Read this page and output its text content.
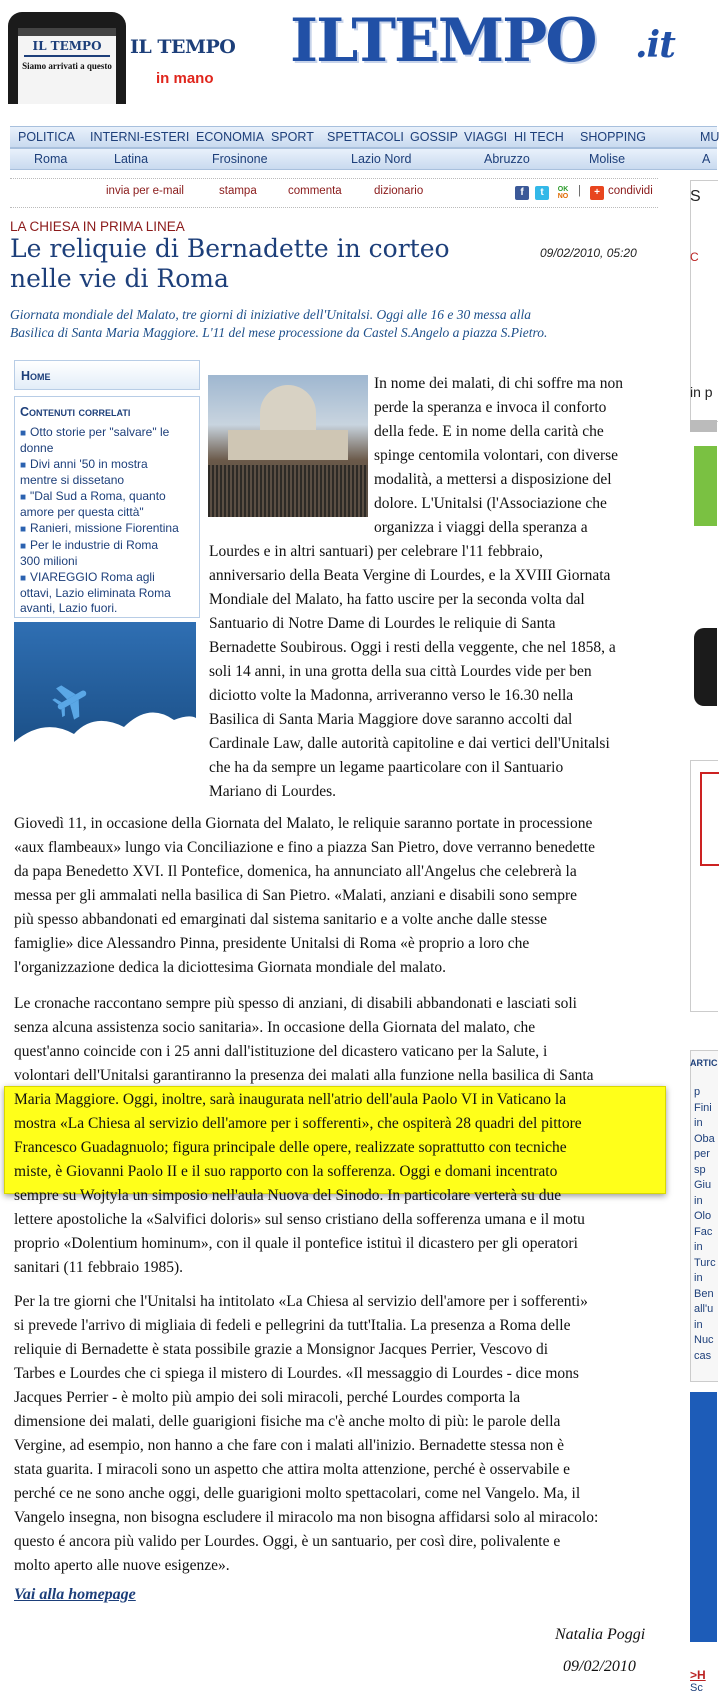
IL TEMPO
Siamo arrivati a questo
IL TEMPO
in mano
ILTEMPO .it
POLITICA INTERNI-ESTERI ECONOMIA SPORT SPETTACOLI GOSSIP VIAGGI HI TECH SHOPPING	MU
Roma	Latina	Frosinone	Lazio Nord	Abruzzo	Molise	A
invia per e-mail	stampa	commenta	dizionario	f	t	OK
NO |	+ condividi
LA CHIESA IN PRIMA LINEA
Le reliquie di Bernadette in corteo
nelle vie di Roma
09/02/2010, 05:20
Giornata mondiale del Malato, tre giorni di iniziative dell'Unitalsi. Oggi alle 16 e 30 messa alla
Basilica di Santa Maria Maggiore. L'11 del mese processione da Castel S.Angelo a piazza S.Pietro.
Home
Contenuti correlati
■ Otto storie per "salvare" le
donne
■ Divi anni '50 in mostra
mentre si dissetano
■ "Dal Sud a Roma, quanto
amore per questa città"
■ Ranieri, missione Fiorentina
■ Per le industrie di Roma
300 milioni
■ VIAREGGIO Roma agli
ottavi, Lazio eliminata Roma
avanti, Lazio fuori.
In nome dei malati, di chi soffre ma non
perde la speranza e invoca il conforto
della fede. E in nome della carità che
spinge centomila volontari, con diverse
modalità, a mettersi a disposizione del
dolore. L'Unitalsi (l'Associazione che
organizza i viaggi della speranza a
Lourdes e in altri santuari) per celebrare l'11 febbraio,
anniversario della Beata Vergine di Lourdes, e la XVIII Giornata
Mondiale del Malato, ha fatto uscire per la seconda volta dal
Santuario di Notre Dame di Lourdes le reliquie di Santa
Bernadette Soubirous. Oggi i resti della veggente, che nel 1858, a
soli 14 anni, in una grotta della sua città Lourdes vide per ben
diciotto volte la Madonna, arriveranno verso le 16.30 nella
Basilica di Santa Maria Maggiore dove saranno accolti dal
Cardinale Law, dalle autorità capitoline e dai vertici dell'Unitalsi
che ha da sempre un legame paarticolare con il Santuario
Mariano di Lourdes.
Giovedì 11, in occasione della Giornata del Malato, le reliquie saranno portate in processione
«aux flambeaux» lungo via Conciliazione e fino a piazza San Pietro, dove verranno benedette
da papa Benedetto XVI. Il Pontefice, domenica, ha annunciato all'Angelus che celebrerà la
messa per gli ammalati nella basilica di San Pietro. «Malati, anziani e disabili sono sempre
più spesso abbandonati ed emarginati dal sistema sanitario e a volte anche dalle stesse
famiglie» dice Alessandro Pinna, presidente Unitalsi di Roma «è proprio a loro che
l'organizzazione dedica la diciottesima Giornata mondiale del malato.
Le cronache raccontano sempre più spesso di anziani, di disabili abbandonati e lasciati soli
senza alcuna assistenza socio sanitaria». In occasione della Giornata del malato, che
quest'anno coincide con i 25 anni dall'istituzione del dicastero vaticano per la Salute, i
volontari dell'Unitalsi garantiranno la presenza dei malati alla funzione nella basilica di Santa
Maria Maggiore. Oggi, inoltre, sarà inaugurata nell'atrio dell'aula Paolo VI in Vaticano la
mostra «La Chiesa al servizio dell'amore per i sofferenti», che ospiterà 28 quadri del pittore
Francesco Guadagnuolo; figura principale delle opere, realizzate soprattutto con tecniche
miste, è Giovanni Paolo II e il suo rapporto con la sofferenza. Oggi e domani incentrato
sempre su Wojtyla un simposio nell'aula Nuova del Sinodo. In particolare verterà su due
lettere apostoliche la «Salvifici doloris» sul senso cristiano della sofferenza umana e il motu
proprio «Dolentium hominum», con il quale il pontefice istituì il dicastero per gli operatori
sanitari (11 febbraio 1985).
Per la tre giorni che l'Unitalsi ha intitolato «La Chiesa al servizio dell'amore per i sofferenti»
si prevede l'arrivo di migliaia di fedeli e pellegrini da tutt'Italia. La presenza a Roma delle
reliquie di Bernadette è stata possibile grazie a Monsignor Jacques Perrier, Vescovo di
Tarbes e Lourdes che ci spiega il mistero di Lourdes. «Il messaggio di Lourdes - dice mons
Jacques Perrier - è molto più ampio dei soli miracoli, perché Lourdes comporta la
dimensione dei malati, delle guarigioni fisiche ma c'è anche molto di più: le parole della
Vergine, ad esempio, non hanno a che fare con i malati all'inizio. Bernadette stessa non è
stata guarita. I miracoli sono un aspetto che attira molta attenzione, perché è osservabile e
perché ce ne sono anche oggi, delle guarigioni molto spettacolari, come nel Vangelo. Ma, il
Vangelo insegna, non bisogna escludere il miracolo ma non bisogna affidarsi solo al miracolo:
questo é ancora più valido per Lourdes. Oggi, è un santuario, per così dire, polivalente e
molto aperto alle nuove esigenze».
Vai alla homepage
Natalia Poggi
09/02/2010
S
C
in p
ARTIC
p
Fini
in
Oba
per
sp
Giu
in
Olo
Fac
in
Turc
in
Ben
all'u
in
Nuc
cas
>H
Sc
